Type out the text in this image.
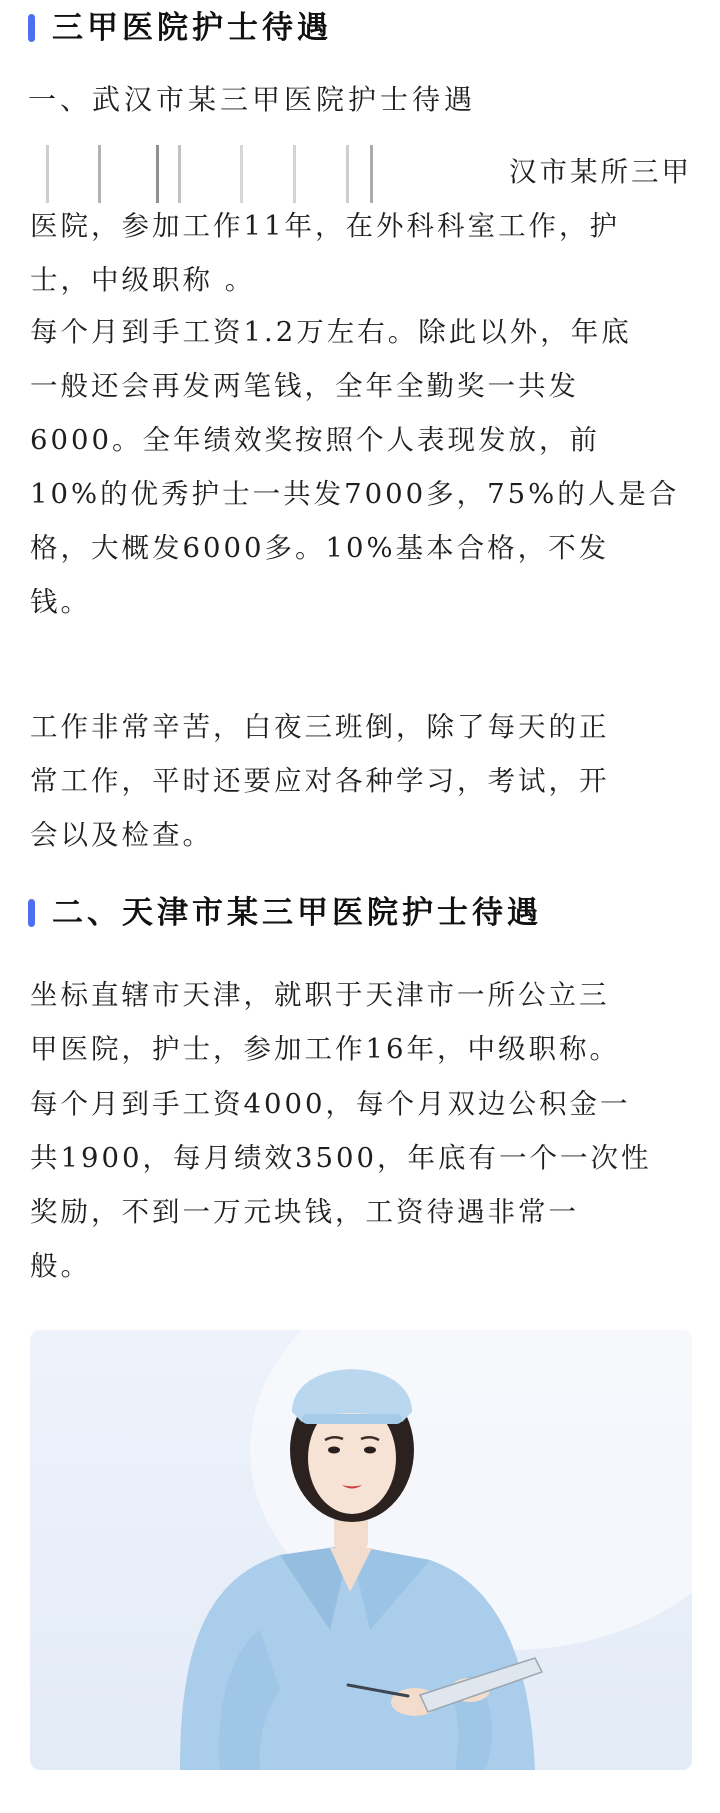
三甲医院护士待遇
一、武汉市某三甲医院护士待遇
汉市某所三甲
医院，参加工作11年，在外科科室工作，护
士，中级职称 。
每个月到手工资1.2万左右。除此以外，年底
一般还会再发两笔钱，全年全勤奖一共发
6000。全年绩效奖按照个人表现发放，前
10%的优秀护士一共发7000多，75%的人是合
格，大概发6000多。10%基本合格，不发
钱。
工作非常辛苦，白夜三班倒，除了每天的正
常工作，平时还要应对各种学习，考试，开
会以及检查。
二、天津市某三甲医院护士待遇
坐标直辖市天津，就职于天津市一所公立三
甲医院，护士，参加工作16年，中级职称。
每个月到手工资4000，每个月双边公积金一
共1900，每月绩效3500，年底有一个一次性
奖励，不到一万元块钱，工资待遇非常一
般。
